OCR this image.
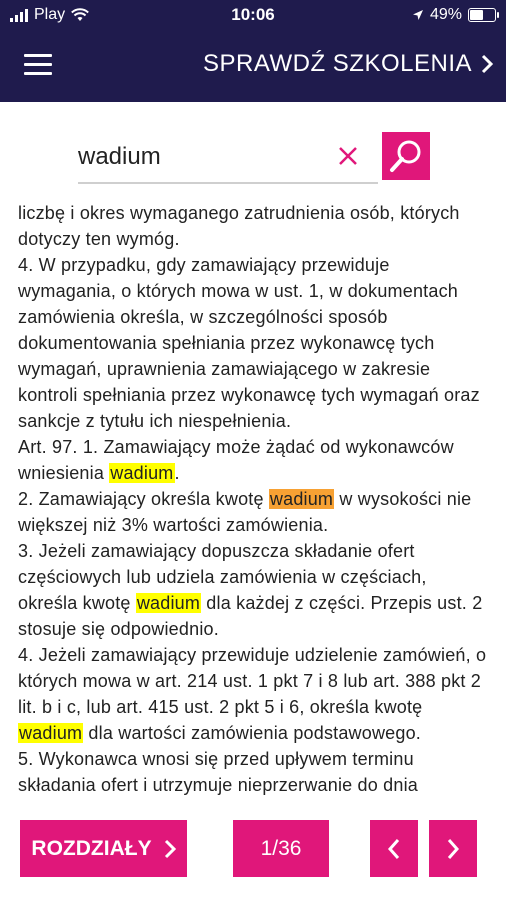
Play	10:06	49%
SPRAWDŹ SZKOLENIA
wadium

liczbę i okres wymaganego zatrudnienia osób, których dotyczy ten wymóg.

4. W przypadku, gdy zamawiający przewiduje wymagania, o których mowa w ust. 1, w dokumentach zamówienia określa, w szczególności sposób dokumentowania spełniania przez wykonawcę tych wymagań, uprawnienia zamawiającego w zakresie kontroli spełniania przez wykonawcę tych wymagań oraz sankcje z tytułu ich niespełnienia.

Art. 97. 1. Zamawiający może żądać od wykonawców wniesienia wadium.

2. Zamawiający określa kwotę wadium w wysokości nie większej niż 3% wartości zamówienia.

3. Jeżeli zamawiający dopuszcza składanie ofert częściowych lub udziela zamówienia w częściach, określa kwotę wadium dla każdej z części. Przepis ust. 2 stosuje się odpowiednio.

4. Jeżeli zamawiający przewiduje udzielenie zamówień, o których mowa w art. 214 ust. 1 pkt 7 i 8 lub art. 388 pkt 2 lit. b i c, lub art. 415 ust. 2 pkt 5 i 6, określa kwotę wadium dla wartości zamówienia podstawowego.

5. Wykonawca wnosi się przed upływem terminu składania ofert i utrzymuje nieprzerwanie do dnia

ROZDZIAŁY	1/36
